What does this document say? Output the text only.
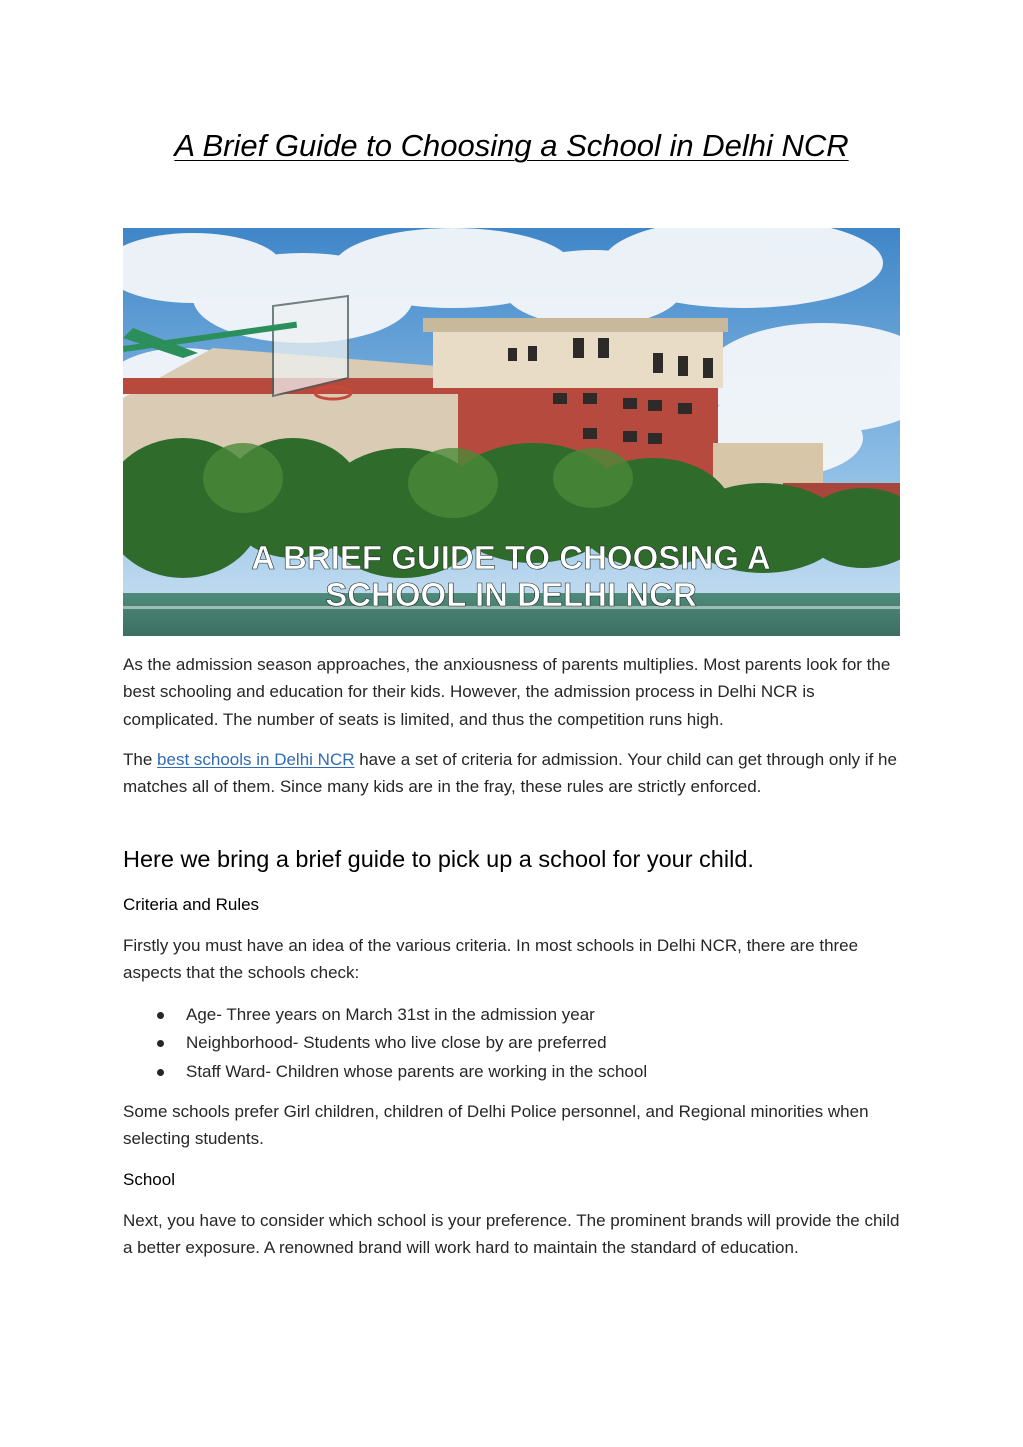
A Brief Guide to Choosing a School in Delhi NCR
A BRIEF GUIDE TO CHOOSING A
SCHOOL IN DELHI NCR

As the admission season approaches, the anxiousness of parents multiplies. Most parents look for the best schooling and education for their kids. However, the admission process in Delhi NCR is complicated. The number of seats is limited, and thus the competition runs high.

The best schools in Delhi NCR have a set of criteria for admission. Your child can get through only if he matches all of them. Since many kids are in the fray, these rules are strictly enforced.

Here we bring a brief guide to pick up a school for your child.
Criteria and Rules

Firstly you must have an idea of the various criteria. In most schools in Delhi NCR, there are three aspects that the schools check:

Age- Three years on March 31st in the admission year
Neighborhood- Students who live close by are preferred
Staff Ward- Children whose parents are working in the school

Some schools prefer Girl children, children of Delhi Police personnel, and Regional minorities when selecting students.

School

Next, you have to consider which school is your preference. The prominent brands will provide the child a better exposure. A renowned brand will work hard to maintain the standard of education.
